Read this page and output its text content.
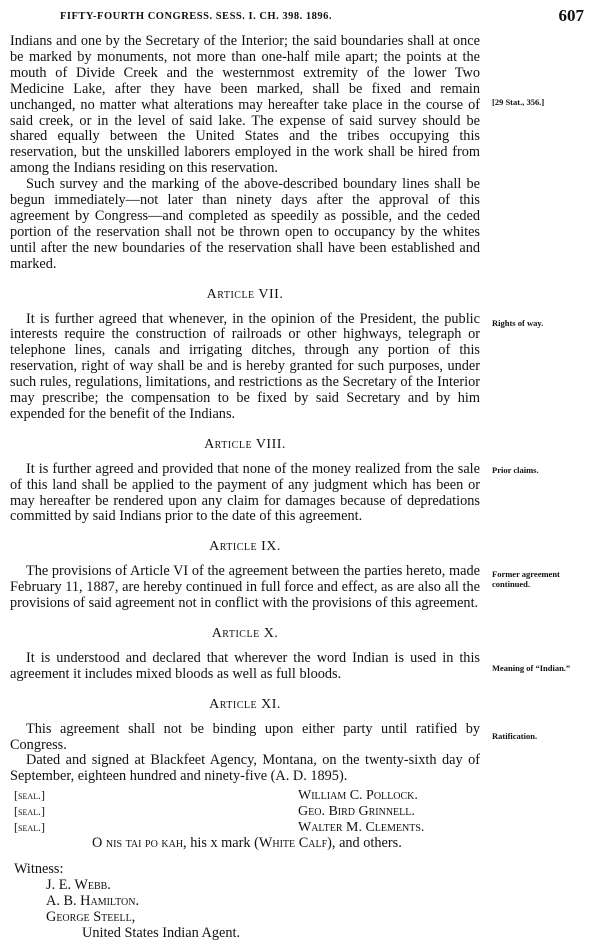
FIFTY-FOURTH CONGRESS. SESS. I. CH. 398. 1896.	607
[29 Stat., 356.]
Rights of way.
Prior claims.
Former agreement continued.
Meaning of “Indian.”
Ratification.

Indians and one by the Secretary of the Interior; the said boundaries shall at once be marked by monuments, not more than one-half mile apart; the points at the mouth of Divide Creek and the westernmost extremity of the lower Two Medicine Lake, after they have been marked, shall be fixed and remain unchanged, no matter what alterations may hereafter take place in the course of said creek, or in the level of said lake. The expense of said survey should be shared equally between the United States and the tribes occupying this reservation, but the unskilled laborers employed in the work shall be hired from among the Indians residing on this reservation.

Such survey and the marking of the above-described boundary lines shall be begun immediately—not later than ninety days after the approval of this agreement by Congress—and completed as speedily as possible, and the ceded portion of the reservation shall not be thrown open to occupancy by the whites until after the new boundaries of the reservation shall have been established and marked.

Article VII.

It is further agreed that whenever, in the opinion of the President, the public interests require the construction of railroads or other highways, telegraph or telephone lines, canals and irrigating ditches, through any portion of this reservation, right of way shall be and is hereby granted for such purposes, under such rules, regulations, limitations, and restrictions as the Secretary of the Interior may prescribe; the compensation to be fixed by said Secretary and by him expended for the benefit of the Indians.

Article VIII.

It is further agreed and provided that none of the money realized from the sale of this land shall be applied to the payment of any judgment which has been or may hereafter be rendered upon any claim for damages because of depredations committed by said Indians prior to the date of this agreement.

Article IX.

The provisions of Article VI of the agreement between the parties hereto, made February 11, 1887, are hereby continued in full force and effect, as are also all the provisions of said agreement not in conflict with the provisions of this agreement.

Article X.

It is understood and declared that wherever the word Indian is used in this agreement it includes mixed bloods as well as full bloods.

Article XI.

This agreement shall not be binding upon either party until ratified by Congress.

Dated and signed at Blackfeet Agency, Montana, on the twenty-sixth day of September, eighteen hundred and ninety-five (A. D. 1895).

[seal.]	William C. Pollock.
[seal.]	Geo. Bird Grinnell.
[seal.]	Walter M. Clements.
O nis tai po kah, his x mark (White Calf), and others.
Witness:
J. E. Webb.
A. B. Hamilton.
George Steell,
United States Indian Agent.
